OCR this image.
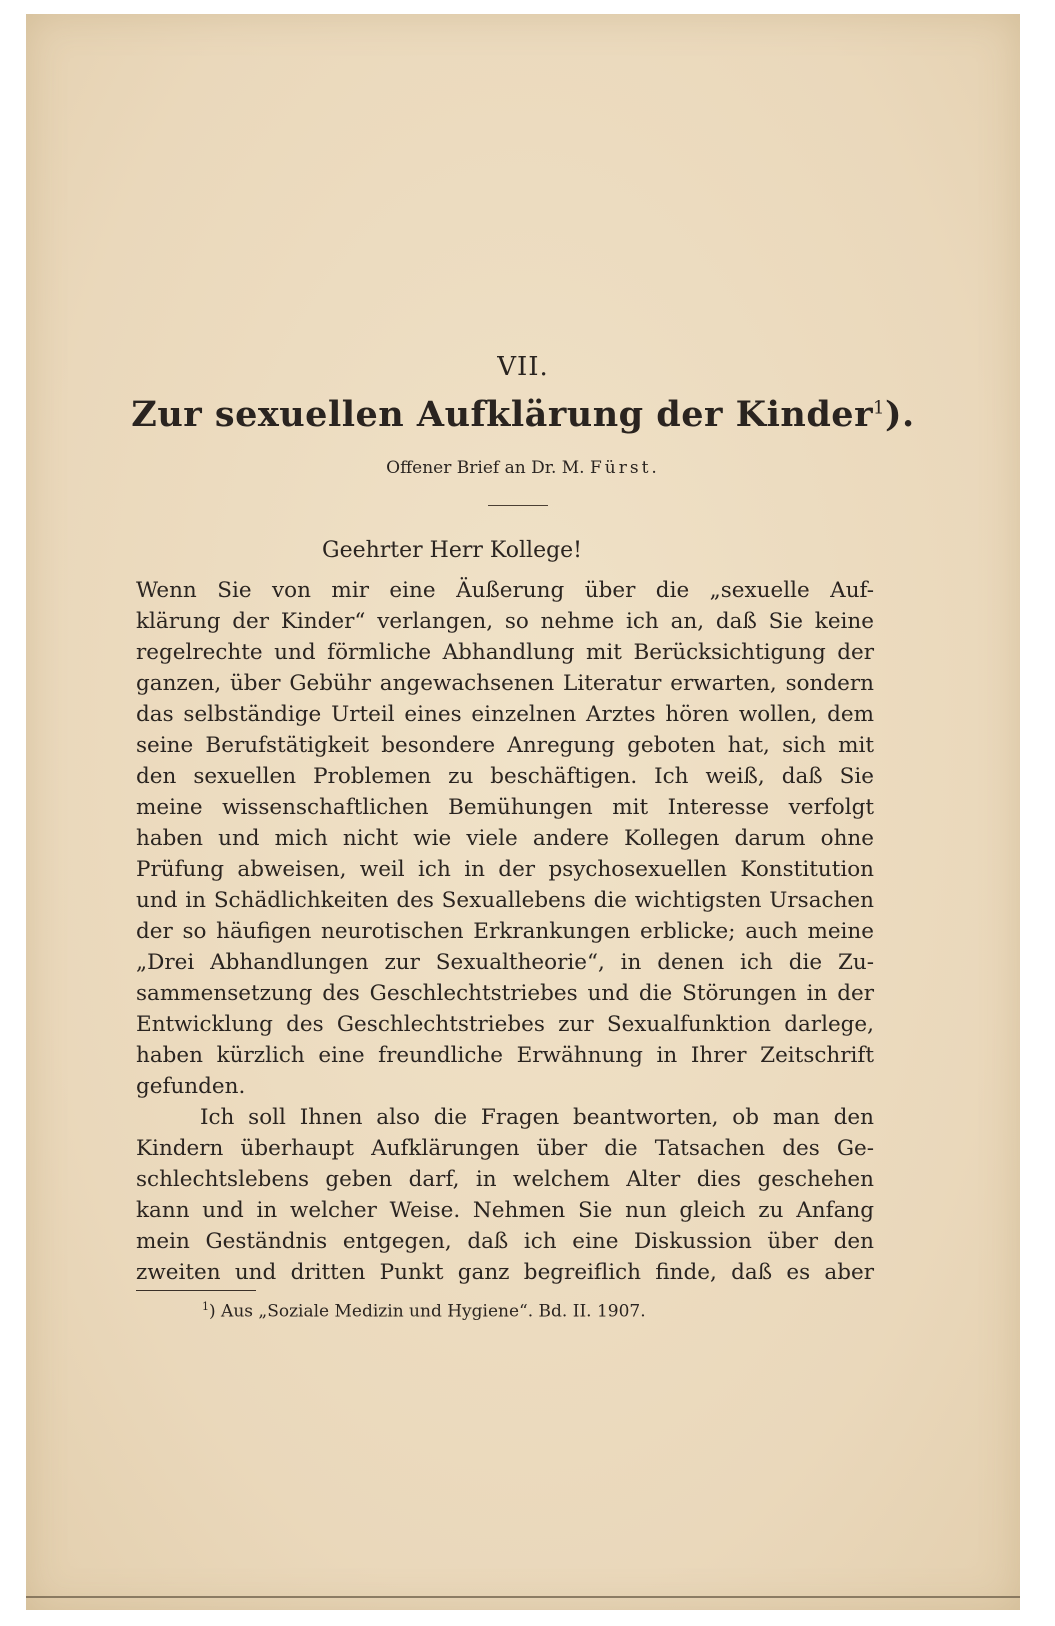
VII.
Zur sexuellen Aufklärung der Kinder$^1$).
Offener Brief an Dr. M. Fürst.
Geehrter Herr Kollege!
Wenn Sie von mir eine Äußerung über die „sexuelle Auf-
klärung der Kinder“ verlangen, so nehme ich an, daß Sie keine
regelrechte und förmliche Abhandlung mit Berücksichtigung der
ganzen, über Gebühr angewachsenen Literatur erwarten, sondern
das selbständige Urteil eines einzelnen Arztes hören wollen, dem
seine Berufstätigkeit besondere Anregung geboten hat, sich mit
den sexuellen Problemen zu beschäftigen. Ich weiß, daß Sie
meine wissenschaftlichen Bemühungen mit Interesse verfolgt
haben und mich nicht wie viele andere Kollegen darum ohne
Prüfung abweisen, weil ich in der psychosexuellen Konstitution
und in Schädlichkeiten des Sexuallebens die wichtigsten Ursachen
der so häufigen neurotischen Erkrankungen erblicke; auch meine
„Drei Abhandlungen zur Sexualtheorie“, in denen ich die Zu-
sammensetzung des Geschlechtstriebes und die Störungen in der
Entwicklung des Geschlechtstriebes zur Sexualfunktion darlege,
haben kürzlich eine freundliche Erwähnung in Ihrer Zeitschrift
gefunden.
Ich soll Ihnen also die Fragen beantworten, ob man den
Kindern überhaupt Aufklärungen über die Tatsachen des Ge-
schlechtslebens geben darf, in welchem Alter dies geschehen
kann und in welcher Weise. Nehmen Sie nun gleich zu Anfang
mein Geständnis entgegen, daß ich eine Diskussion über den
zweiten und dritten Punkt ganz begreiflich finde, daß es aber
$^1$) Aus „Soziale Medizin und Hygiene“. Bd. II. 1907.
